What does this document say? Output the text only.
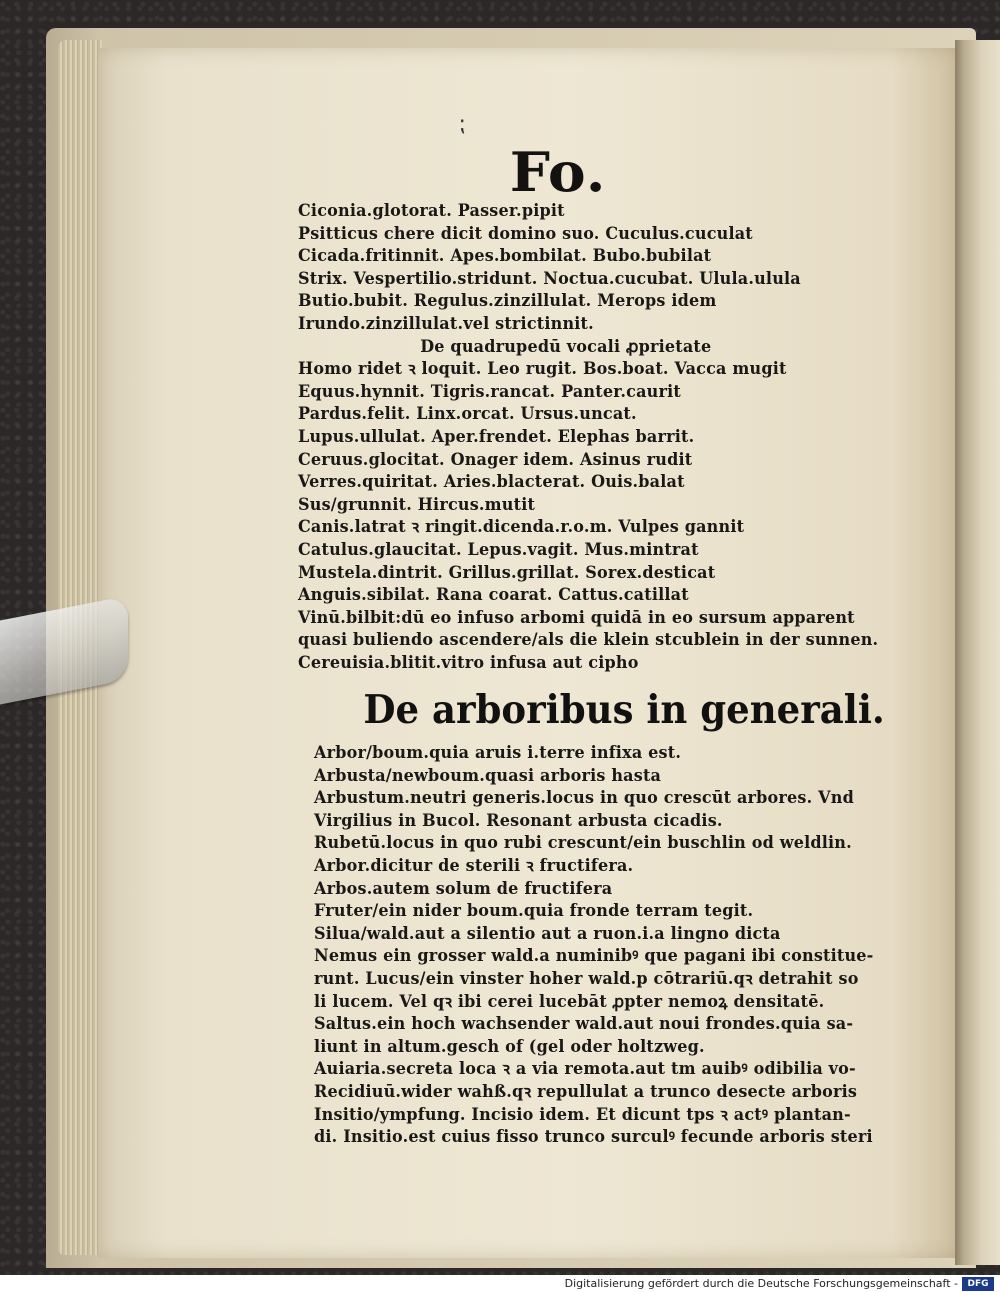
⁏
Fo.
Ciconia.glotorat. Passer.pipit
Psitticus chere dicit domino suo. Cuculus.cuculat
Cicada.fritinnit. Apes.bombilat. Bubo.bubilat
Strix. Vespertilio.stridunt. Noctua.cucubat. Ulula.ulula
Butio.bubit. Regulus.zinzillulat. Merops idem
Irundo.zinzillulat.vel strictinnit.
De quadrupedū vocali ꝓprietate
Homo ridet ꝛ loquit. Leo rugit. Bos.boat. Vacca mugit
Equus.hynnit. Tigris.rancat. Panter.caurit
Pardus.felit. Linx.orcat. Ursus.uncat.
Lupus.ullulat. Aper.frendet. Elephas barrit.
Ceruus.glocitat. Onager idem. Asinus rudit
Verres.quiritat. Aries.blacterat. Ouis.balat
Sus/grunnit. Hircus.mutit
Canis.latrat ꝛ ringit.dicenda.r.o.m. Vulpes gannit
Catulus.glaucitat. Lepus.vagit. Mus.mintrat
Mustela.dintrit. Grillus.grillat. Sorex.desticat
Anguis.sibilat. Rana coarat. Cattus.catillat
Vinū.bilbit:dū eo infuso arbomi quidā in eo sursum apparent
quasi buliendo ascendere/als die klein stcublein in der sunnen.
Cereuisia.blitit.vitro infusa aut cipho
De arboribus in generali.
Arbor/boum.quia aruis i.terre infixa est.
Arbusta/newboum.quasi arboris hasta
Arbustum.neutri generis.locus in quo crescūt arbores. Vnd
Virgilius in Bucol. Resonant arbusta cicadis.
Rubetū.locus in quo rubi crescunt/ein buschlin od weldlin.
Arbor.dicitur de sterili ꝛ fructifera.
Arbos.autem solum de fructifera
Fruter/ein nider boum.quia fronde terram tegit.
Silua/wald.aut a silentio aut a ruon.i.a lingno dicta
Nemus ein grosser wald.a numinibꝰ que pagani ibi constitue-
runt. Lucus/ein vinster hoher wald.p cōtrariū.qꝛ detrahit so
li lucem. Vel qꝛ ibi cerei lucebāt ꝓpter nemoꝝ densitatē.
Saltus.ein hoch wachsender wald.aut noui frondes.quia sa-
liunt in altum.gesch of (gel oder holtzweg.
Auiaria.secreta loca ꝛ a via remota.aut tm auibꝰ odibilia vo-
Recidiuū.wider wahß.qꝛ repullulat a trunco desecte arboris
Insitio/ympfung. Incisio idem. Et dicunt tps ꝛ actꝰ plantan-
di. Insitio.est cuius fisso trunco surculꝰ fecunde arboris steri
Digitalisierung gefördert durch die Deutsche Forschungsgemeinschaft -	DFG
